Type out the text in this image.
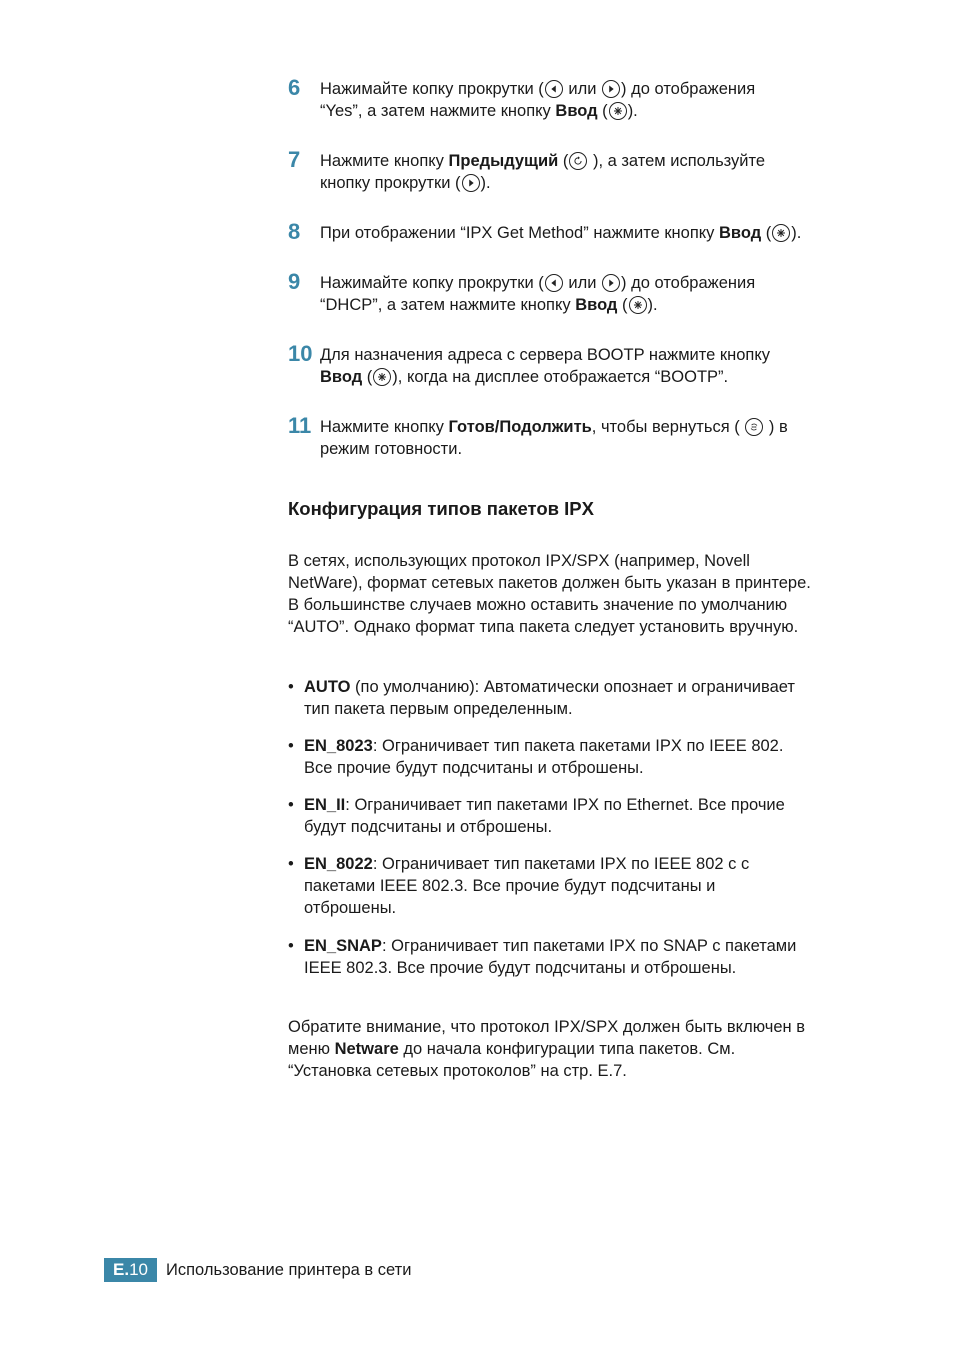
6	Нажимайте копку прокрутки (
или
) до отображения
“Yes”, а затем нажмите кнопку Ввод ( ).
7	Нажмите кнопку Предыдущий (
), а затем используйте
кнопку прокрутки ( ).
8	При отображении “IPX Get Method” нажмите кнопку Ввод ( ).
9	Нажимайте копку прокрутки (
или
) до отображения
“DHCP”, а затем нажмите кнопку Ввод ( ).
10 Для назначения адреса с сервера BOOTP нажмите кнопку
Ввод ( ), когда на дисплее отображается “BOOTP”.
11 Нажмите кнопку Готов/Подолжить, чтобы вернуться (
) в
режим готовности.
Конфигурация типов пакетов IPX
В сетях, использующих протокол IPX/SPX (например, Novell
NetWare), формат сетевых пакетов должен быть указан в принтере.
В большинстве случаев можно оставить значение по умолчанию
“AUTO”. Однако формат типа пакета следует установить вручную.
• AUTO (по умолчанию): Автоматически опознает и ограничивает
тип пакета первым определенным.
• EN_8023: Ограничивает тип пакета пакетами IPX по IEEE 802.
Все прочие будут подсчитаны и отброшены.
• EN_II: Ограничивает тип пакетами IPX по Ethernet. Все прочие
будут подсчитаны и отброшены.
• EN_8022: Ограничивает тип пакетами IPX по IEEE 802 с с
пакетами IEEE 802.3. Все прочие будут подсчитаны и
отброшены.
• EN_SNAP: Ограничивает тип пакетами IPX по SNAP с пакетами
IEEE 802.3. Все прочие будут подсчитаны и отброшены.
Обратите внимание, что протокол IPX/SPX должен быть включен в
меню Netware до начала конфигурации типа пакетов. См.
“Установка сетевых протоколов” на стр. E.7.
E.10	Использование принтера в сети
